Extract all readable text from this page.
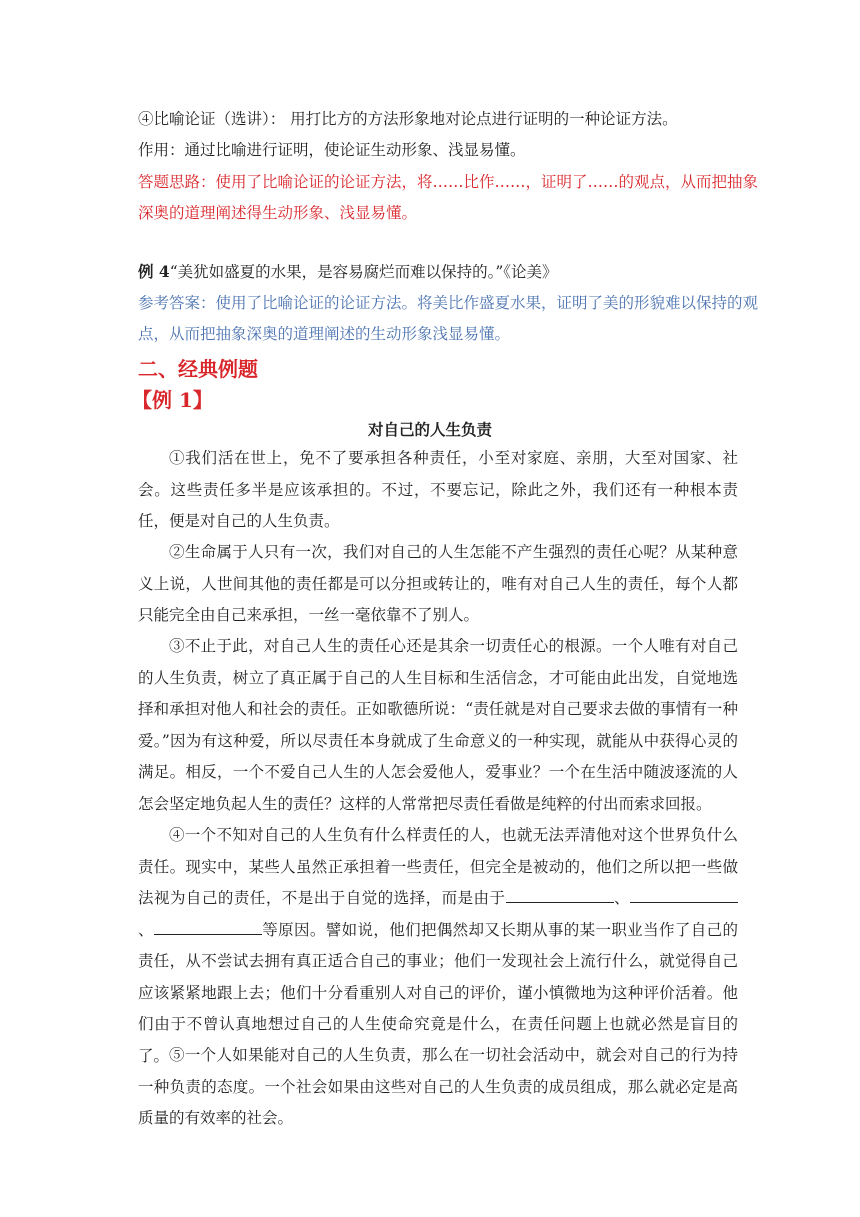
④比喻论证（选讲）： 用打比方的方法形象地对论点进行证明的一种论证方法。
作用：通过比喻进行证明，使论证生动形象、浅显易懂。
答题思路：使用了比喻论证的论证方法，将……比作……，证明了……的观点，从而把抽象
深奥的道理阐述得生动形象、浅显易懂。
例 4“美犹如盛夏的水果，是容易腐烂而难以保持的。”《论美》
参考答案：使用了比喻论证的论证方法。将美比作盛夏水果，证明了美的形貌难以保持的观
点，从而把抽象深奥的道理阐述的生动形象浅显易懂。
二、经典例题
【例 1】
对自己的人生负责
①我们活在世上，免不了要承担各种责任，小至对家庭、亲朋，大至对国家、社会。这些责任多半是应该承担的。不过，不要忘记，除此之外，我们还有一种根本责任，便是对自己的人生负责。
②生命属于人只有一次，我们对自己的人生怎能不产生强烈的责任心呢？从某种意义上说，人世间其他的责任都是可以分担或转让的，唯有对自己人生的责任，每个人都只能完全由自己来承担，一丝一毫依靠不了别人。
③不止于此，对自己人生的责任心还是其余一切责任心的根源。一个人唯有对自己的人生负责，树立了真正属于自己的人生目标和生活信念，才可能由此出发，自觉地选择和承担对他人和社会的责任。正如歌德所说：“责任就是对自己要求去做的事情有一种爱。”因为有这种爱，所以尽责任本身就成了生命意义的一种实现，就能从中获得心灵的满足。相反，一个不爱自己人生的人怎会爱他人，爱事业？一个在生活中随波逐流的人怎会坚定地负起人生的责任？这样的人常常把尽责任看做是纯粹的付出而索求回报。
④一个不知对自己的人生负有什么样责任的人，也就无法弄清他对这个世界负什么责任。现实中，某些人虽然正承担着一些责任，但完全是被动的，他们之所以把一些做法视为自己的责任，不是出于自觉的选择，而是由于	、、	等原因。譬如说，他们把偶然却又长期从事的某一职业当作了自己的责任，从不尝试去拥有真正适合自己的事业；他们一发现社会上流行什么，就觉得自己应该紧紧地跟上去；他们十分看重别人对自己的评价，谨小慎微地为这种评价活着。他们由于不曾认真地想过自己的人生使命究竟是什么，在责任问题上也就必然是盲目的了。 ⑤一个人如果能对自己的人生负责，那么在一切社会活动中，就会对自己的行为持一种负责的态度。一个社会如果由这些对自己的人生负责的成员组成，那么就必定是高质量的有效率的社会。
